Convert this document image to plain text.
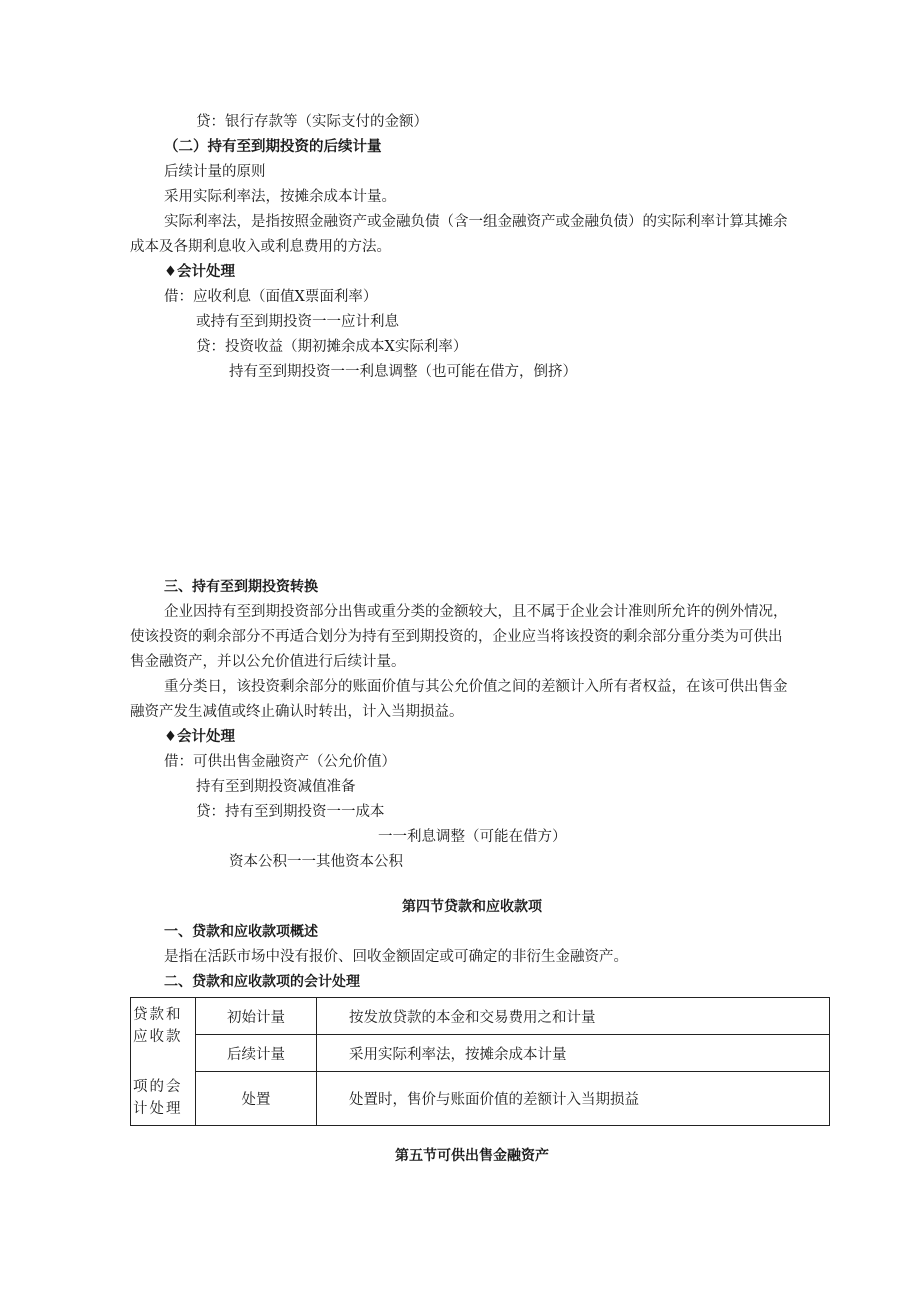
贷：银行存款等（实际支付的金额）

（二）持有至到期投资的后续计量

后续计量的原则

采用实际利率法，按摊余成本计量。

实际利率法，是指按照金融资产或金融负债（含一组金融资产或金融负债）的实际利率计算其摊余

成本及各期利息收入或利息费用的方法。

♦会计处理

借：应收利息（面值X票面利率）

或持有至到期投资一一应计利息

贷：投资收益（期初摊余成本X实际利率）

持有至到期投资一一利息调整（也可能在借方，倒挤）

三、持有至到期投资转换

企业因持有至到期投资部分出售或重分类的金额较大，且不属于企业会计准则所允许的例外情况，

使该投资的剩余部分不再适合划分为持有至到期投资的，企业应当将该投资的剩余部分重分类为可供出

售金融资产，并以公允价值进行后续计量。

重分类日，该投资剩余部分的账面价值与其公允价值之间的差额计入所有者权益，在该可供出售金

融资产发生减值或终止确认时转出，计入当期损益。

♦会计处理

借：可供出售金融资产（公允价值）

持有至到期投资减值准备

贷：持有至到期投资一一成本

一一利息调整（可能在借方）

资本公积一一其他资本公积

第四节贷款和应收款项

一、贷款和应收款项概述

是指在活跃市场中没有报价、回收金额固定或可确定的非衍生金融资产。

二、贷款和应收款项的会计处理

贷款和
应收款
项的会
计处理	初始计量	按发放贷款的本金和交易费用之和计量
	后续计量	采用实际利率法，按摊余成本计量
	处置	处置时，售价与账面价值的差额计入当期损益

第五节可供出售金融资产
